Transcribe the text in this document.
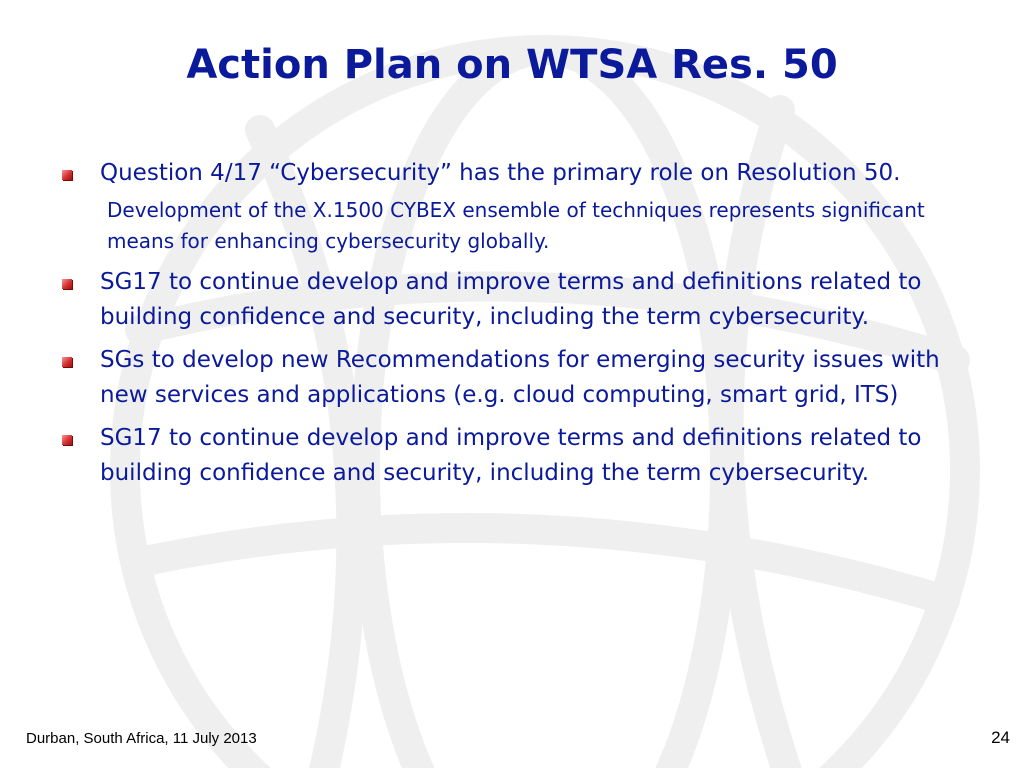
Action Plan on WTSA Res. 50

Question 4/17 “Cybersecurity” has the primary role on Resolution 50.

Development of the X.1500 CYBEX ensemble of techniques represents significant means for enhancing cybersecurity globally.

SG17 to continue develop and improve terms and definitions related to building confidence and security, including the term cybersecurity.

SGs to develop new Recommendations for emerging security issues with new services and applications (e.g. cloud computing, smart grid, ITS)

SG17 to continue develop and improve terms and definitions related to building confidence and security, including the term cybersecurity.

Durban, South Africa, 11 July 2013	24
